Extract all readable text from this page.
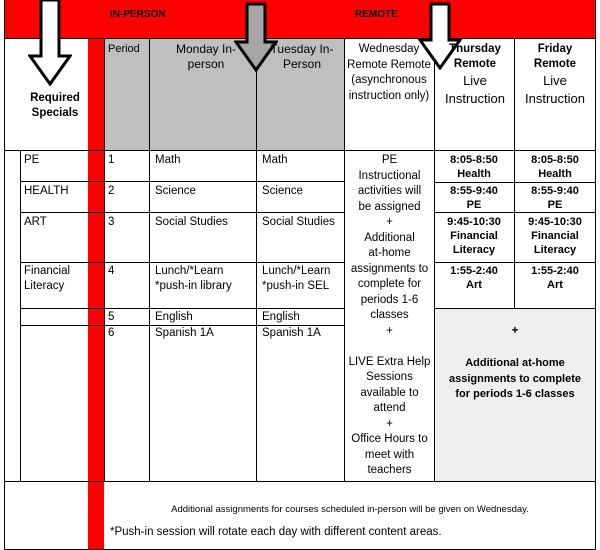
IN-PERSON	REMOTE
Required Specials
Period	Monday In-person
Tuesday In-Person
Wednesday Remote Remote (asynchronous instruction only)
Thursday Remote
Live Instruction
Friday Remote
Live Instruction
PE
HEALTH
ART
Financial Literacy
1
2
3
4
5
6
Math
Science
Social Studies
Lunch/*Learn *push-in library
English
Spanish 1A
Math
Science
Social Studies
Lunch/*Learn *push-in SEL
English
Spanish 1A
PE
Instructional
activities will
be assigned
+
Additional
at-home
assignments to
complete for
periods 1-6
classes
+

LIVE Extra Help
Sessions
available to
attend
+
Office Hours to
meet with
teachers
8:05-8:50
Health
8:55-9:40
PE
9:45-10:30
Financial Literacy
1:55-2:40
Art
8:05-8:50
Health
8:55-9:40
PE
9:45-10:30
Financial Literacy
1:55-2:40
Art
+
Additional at-home assignments to complete for periods 1-6 classes
Additional assignments for courses scheduled in-person will be given on Wednesday.
*Push-in session will rotate each day with different content areas.
